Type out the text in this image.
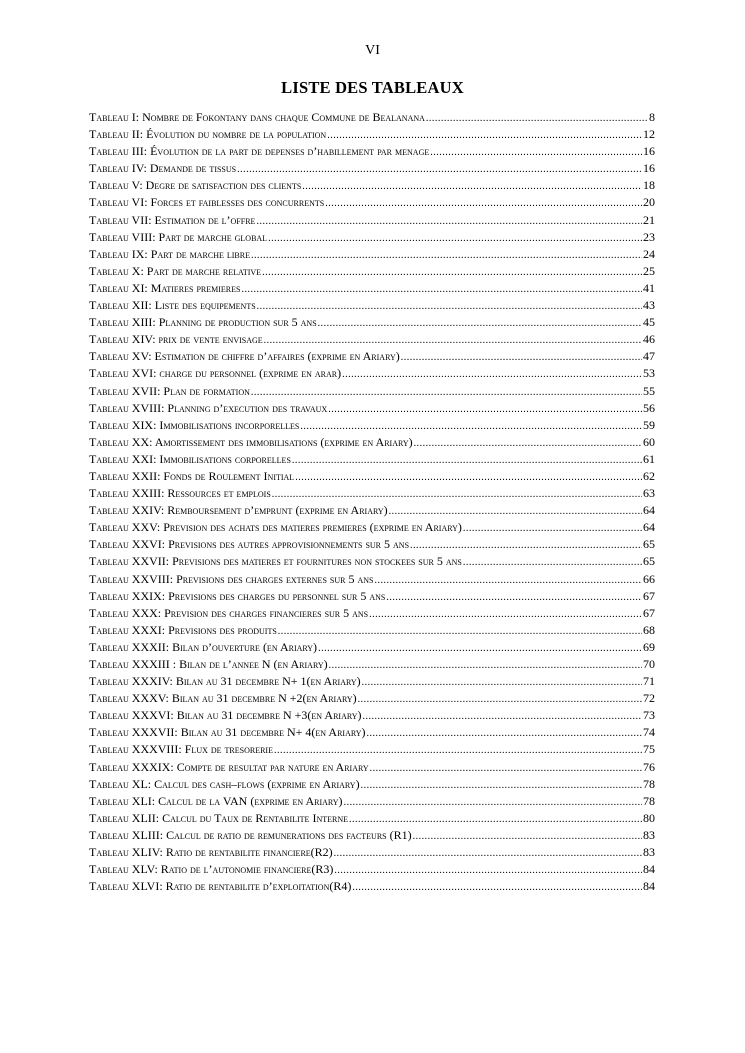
VI
LISTE DES TABLEAUX
Tableau I: Nombre de Fokontany dans chaque Commune de Bealanana .....	8
Tableau II: Évolution du nombre de la population .....	12
Tableau III: Évolution de la part de depenses d’habillement par menage .....	16
Tableau IV: Demande de tissus .....	16
Tableau V: Degre de satisfaction des clients .....	18
Tableau VI: Forces et faiblesses des concurrents .....	20
Tableau VII: Estimation de l’offre .....	21
Tableau VIII: Part de marche global .....	23
Tableau IX: Part de marche libre .....	24
Tableau X: Part de marche relative .....	25
Tableau XI: Matieres premieres .....	41
Tableau XII: Liste des equipements .....	43
Tableau XIII: Planning de production sur 5 ans .....	45
Tableau XIV: prix de vente envisage .....	46
Tableau XV: Estimation de chiffre d’affaires (exprime en Ariary) .....	47
Tableau XVI: charge du personnel (exprime en arar) .....	53
Tableau XVII: Plan de formation .....	55
Tableau XVIII: Planning d’execution des travaux .....	56
Tableau XIX: Immobilisations incorporelles .....	59
Tableau XX: Amortissement des immobilisations (exprime en Ariary) .....	60
Tableau XXI: Immobilisations corporelles .....	61
Tableau XXII: Fonds de Roulement Initial .....	62
Tableau XXIII: Ressources et emplois .....	63
Tableau XXIV: Remboursement d’emprunt (exprime en Ariary) .....	64
Tableau XXV: Prevision des achats des matieres premieres (exprime en Ariary) .....	64
Tableau XXVI: Previsions des autres approvisionnements sur 5 ans .....	65
Tableau XXVII: Previsions des matieres et fournitures non stockees sur 5 ans .....	65
Tableau XXVIII: Previsions des charges externes sur 5 ans .....	66
Tableau XXIX: Previsions des charges du personnel sur 5 ans .....	67
Tableau XXX: Prevision des charges financieres sur 5 ans .....	67
Tableau XXXI: Previsions des produits .....	68
Tableau XXXII: Bilan d’ouverture (en Ariary) .....	69
Tableau XXXIII : Bilan de l’annee N (en Ariary) .....	70
Tableau XXXIV: Bilan au 31 decembre N+ 1(en Ariary) .....	71
Tableau XXXV: Bilan au 31 decembre N +2(en Ariary) .....	72
Tableau XXXVI: Bilan au 31 decembre N +3(en Ariary) .....	73
Tableau XXXVII: Bilan au 31 decembre N+ 4(en Ariary) .....	74
Tableau XXXVIII: Flux de tresorerie .....	75
Tableau XXXIX: Compte de resultat par nature en Ariary .....	76
Tableau XL: Calcul des cash–flows (exprime en Ariary) .....	78
Tableau XLI: Calcul de la VAN (exprime en Ariary) .....	78
Tableau XLII: Calcul du Taux de Rentabilite Interne .....	80
Tableau XLIII: Calcul de ratio de remunerations des facteurs (R1) .....	83
Tableau XLIV: Ratio de rentabilite financiere(R2) .....	83
Tableau XLV: Ratio de l’autonomie financiere(R3) .....	84
Tableau XLVI: Ratio de rentabilite d’exploitation(R4) .....	84
